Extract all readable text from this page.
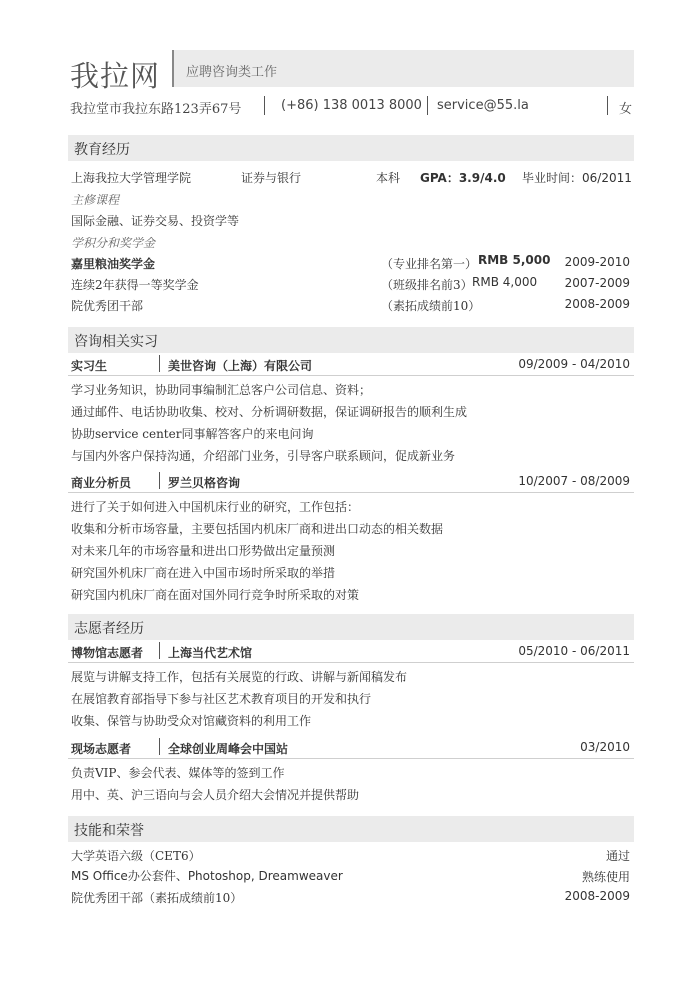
我拉网 应聘咨询类工作
我拉堂市我拉东路123弄67号	(+86) 138 0013 8000 service@55.la	女
教育经历
上海我拉大学管理学院	证券与银行	本科 GPA：3.9/4.0 毕业时间：06/2011
主修课程
国际金融、证券交易、投资学等
学积分和奖学金
嘉里粮油奖学金	（专业排名第一） RMB 5,000	2009-2010
连续2年获得一等奖学金	（班级排名前3） RMB 4,000	2007-2009
院优秀团干部	（素拓成绩前10）	2008-2009
咨询相关实习
实习生	美世咨询（上海）有限公司	09/2009 - 04/2010
学习业务知识，协助同事编制汇总客户公司信息、资料；
通过邮件、电话协助收集、校对、分析调研数据，保证调研报告的顺利生成
协助service center同事解答客户的来电问询
与国内外客户保持沟通，介绍部门业务，引导客户联系顾问，促成新业务
商业分析员	罗兰贝格咨询	10/2007 - 08/2009
进行了关于如何进入中国机床行业的研究，工作包括：
收集和分析市场容量，主要包括国内机床厂商和进出口动态的相关数据
对未来几年的市场容量和进出口形势做出定量预测
研究国外机床厂商在进入中国市场时所采取的举措
研究国内机床厂商在面对国外同行竞争时所采取的对策
志愿者经历
博物馆志愿者 上海当代艺术馆	05/2010 - 06/2011
展览与讲解支持工作，包括有关展览的行政、讲解与新闻稿发布
在展馆教育部指导下参与社区艺术教育项目的开发和执行
收集、保管与协助受众对馆藏资料的利用工作
现场志愿者	全球创业周峰会中国站	03/2010
负责VIP、参会代表、媒体等的签到工作
用中、英、沪三语向与会人员介绍大会情况并提供帮助
技能和荣誉
大学英语六级（CET6）	通过
MS Office办公套件、Photoshop, Dreamweaver	熟练使用
院优秀团干部（素拓成绩前10）	2008-2009
